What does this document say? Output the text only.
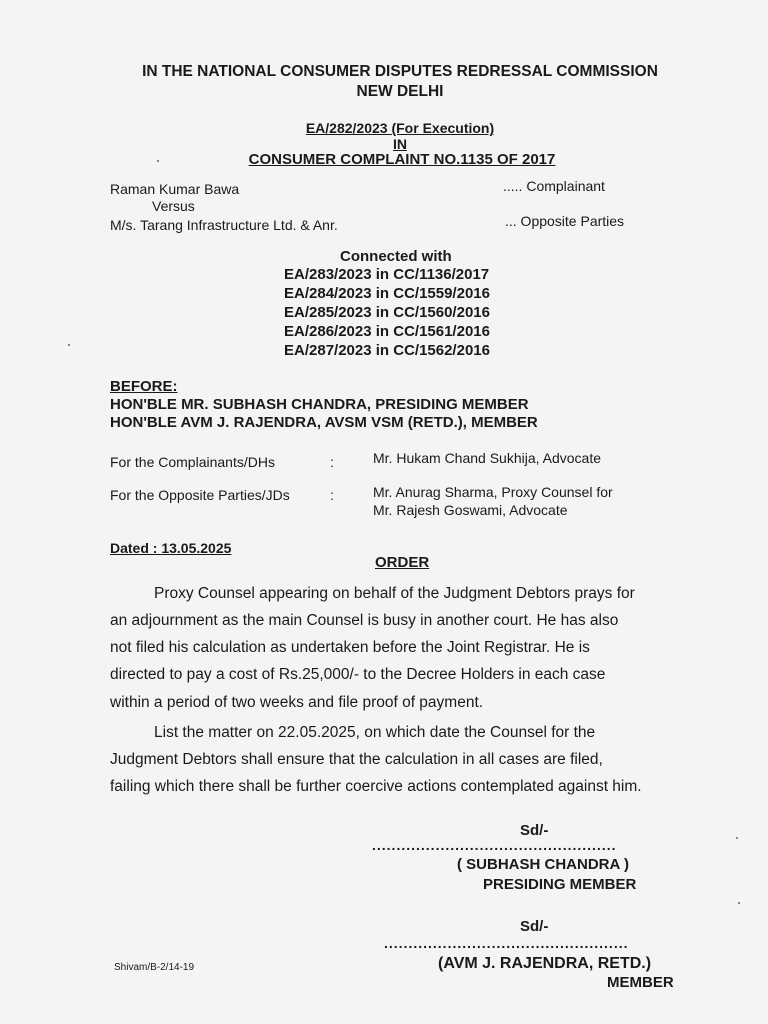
IN THE NATIONAL CONSUMER DISPUTES REDRESSAL COMMISSION
NEW DELHI
EA/282/2023 (For Execution)
IN
CONSUMER COMPLAINT NO.1135 OF 2017
Raman Kumar Bawa	..... Complainant
Versus
M/s. Tarang Infrastructure Ltd. & Anr.	... Opposite Parties
Connected with
EA/283/2023 in CC/1136/2017
EA/284/2023 in CC/1559/2016
EA/285/2023 in CC/1560/2016
EA/286/2023 in CC/1561/2016
EA/287/2023 in CC/1562/2016
BEFORE:
HON'BLE MR. SUBHASH CHANDRA, PRESIDING MEMBER
HON'BLE AVM J. RAJENDRA, AVSM VSM (RETD.), MEMBER
For the Complainants/DHs	:	Mr. Hukam Chand Sukhija, Advocate
For the Opposite Parties/JDs	:	Mr. Anurag Sharma, Proxy Counsel for
Mr. Rajesh Goswami, Advocate
Dated : 13.05.2025
ORDER
Proxy Counsel appearing on behalf of the Judgment Debtors prays for
an adjournment as the main Counsel is busy in another court. He has also
not filed his calculation as undertaken before the Joint Registrar. He is
directed to pay a cost of Rs.25,000/- to the Decree Holders in each case
within a period of two weeks and file proof of payment.
List the matter on 22.05.2025, on which date the Counsel for the
Judgment Debtors shall ensure that the calculation in all cases are filed,
failing which there shall be further coercive actions contemplated against him.
Sd/-
..................................................
( SUBHASH CHANDRA )
PRESIDING MEMBER
Sd/-
..................................................
(AVM J. RAJENDRA, RETD.)
MEMBER
Shivam/B-2/14-19
